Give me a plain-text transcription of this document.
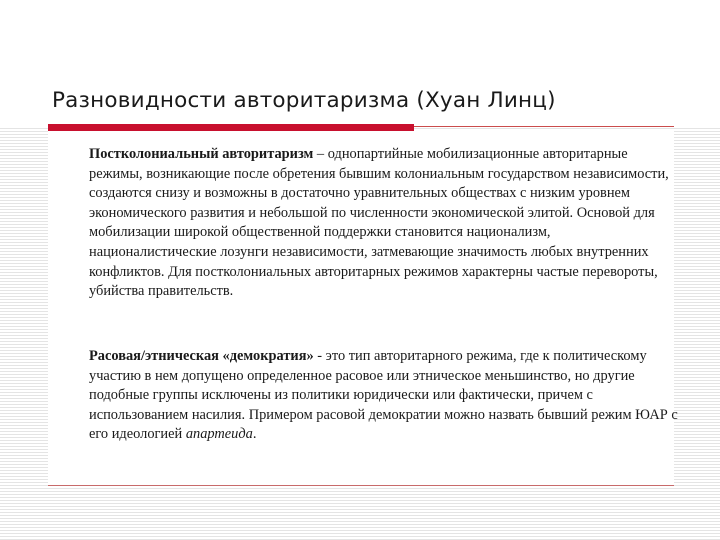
Разновидности авторитаризма (Хуан Линц)

Постколониальный авторитаризм – однопартийные мобилизационные авторитарные режимы, возникающие после обретения бывшим колониальным государством независимости, создаются снизу и возможны в достаточно уравнительных обществах с низким уровнем экономического развития и небольшой по численности экономической элитой. Основой для мобилизации широкой общественной поддержки становится национализм, националистические лозунги независимости, затмевающие значимость любых внутренних конфликтов. Для постколониальных авторитарных режимов характерны частые перевороты, убийства правительств.

Расовая/этническая «демократия» - это тип авторитарного режима, где к политическому участию в нем допущено определенное расовое или этническое меньшинство, но другие подобные группы исключены из политики юридически или фактически, причем с использованием насилия. Примером расовой демократии можно назвать бывший режим ЮАР с его идеологией апартеида.
